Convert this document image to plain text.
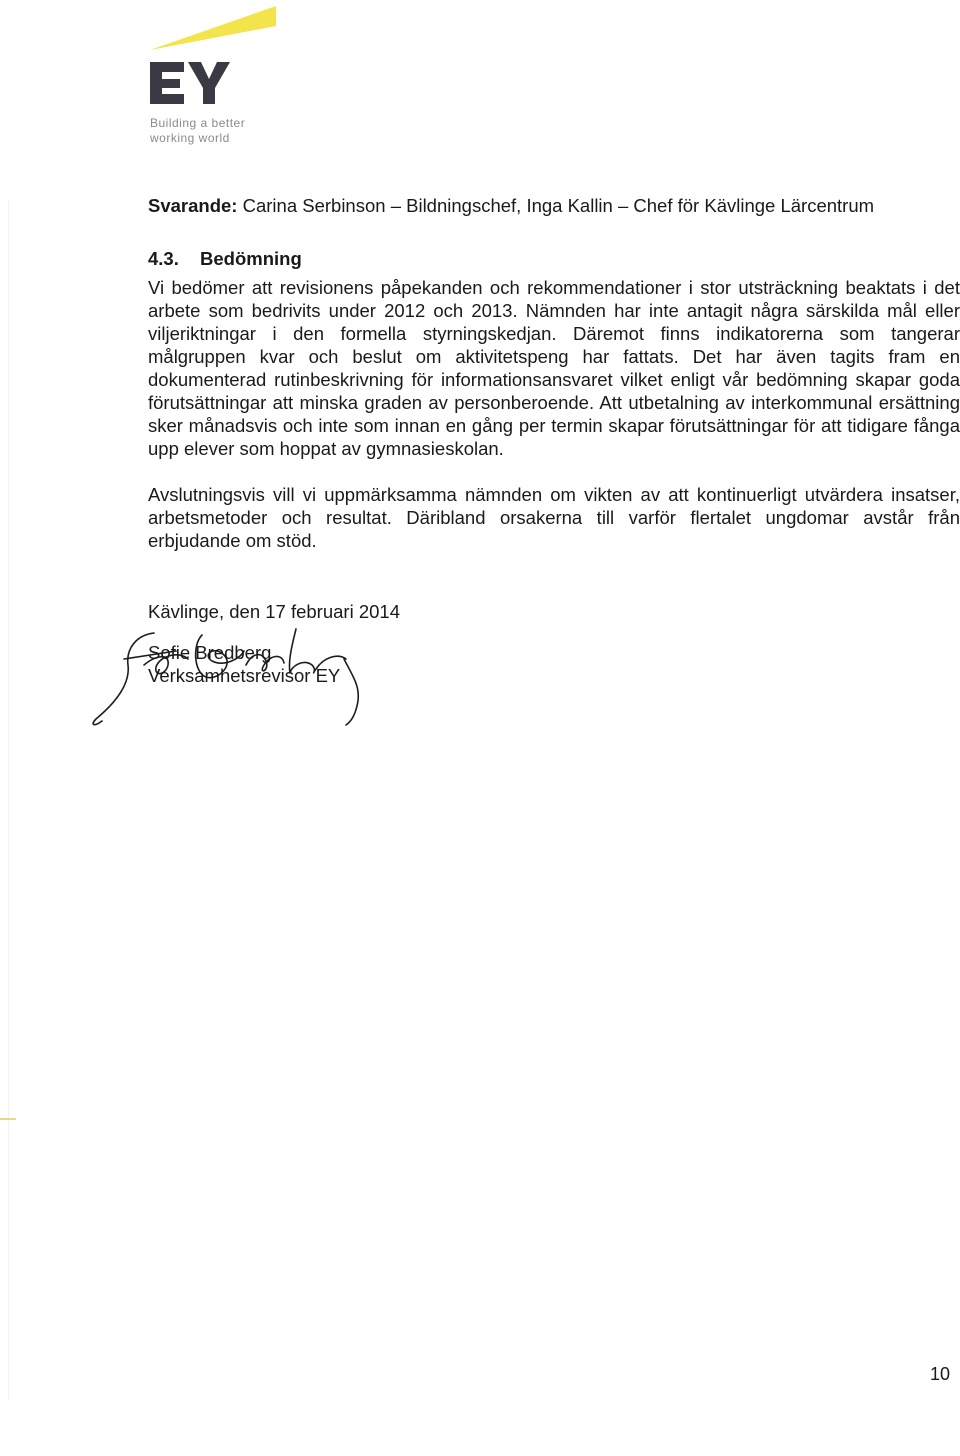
Building a better
working world
Svarande: Carina Serbinson – Bildningschef, Inga Kallin – Chef för Kävlinge Lärcentrum
4.3. Bedömning

Vi bedömer att revisionens påpekanden och rekommendationer i stor utsträckning beaktats i det arbete som bedrivits under 2012 och 2013. Nämnden har inte antagit några särskilda mål eller viljeriktningar i den formella styrningskedjan. Däremot finns indikatorerna som tangerar målgruppen kvar och beslut om aktivitetspeng har fattats. Det har även tagits fram en dokumenterad rutinbeskrivning för informationsansvaret vilket enligt vår bedömning skapar goda förutsättningar att minska graden av personberoende. Att utbetalning av interkommunal ersättning sker månadsvis och inte som innan en gång per termin skapar förutsättningar för att tidigare fånga upp elever som hoppat av gymnasieskolan.

Avslutningsvis vill vi uppmärksamma nämnden om vikten av att kontinuerligt utvärdera insatser, arbetsmetoder och resultat. Däribland orsakerna till varför flertalet ungdomar avstår från erbjudande om stöd.

Kävlinge, den 17 februari 2014
Sofie Bredberg
Verksamhetsrevisor EY
10
